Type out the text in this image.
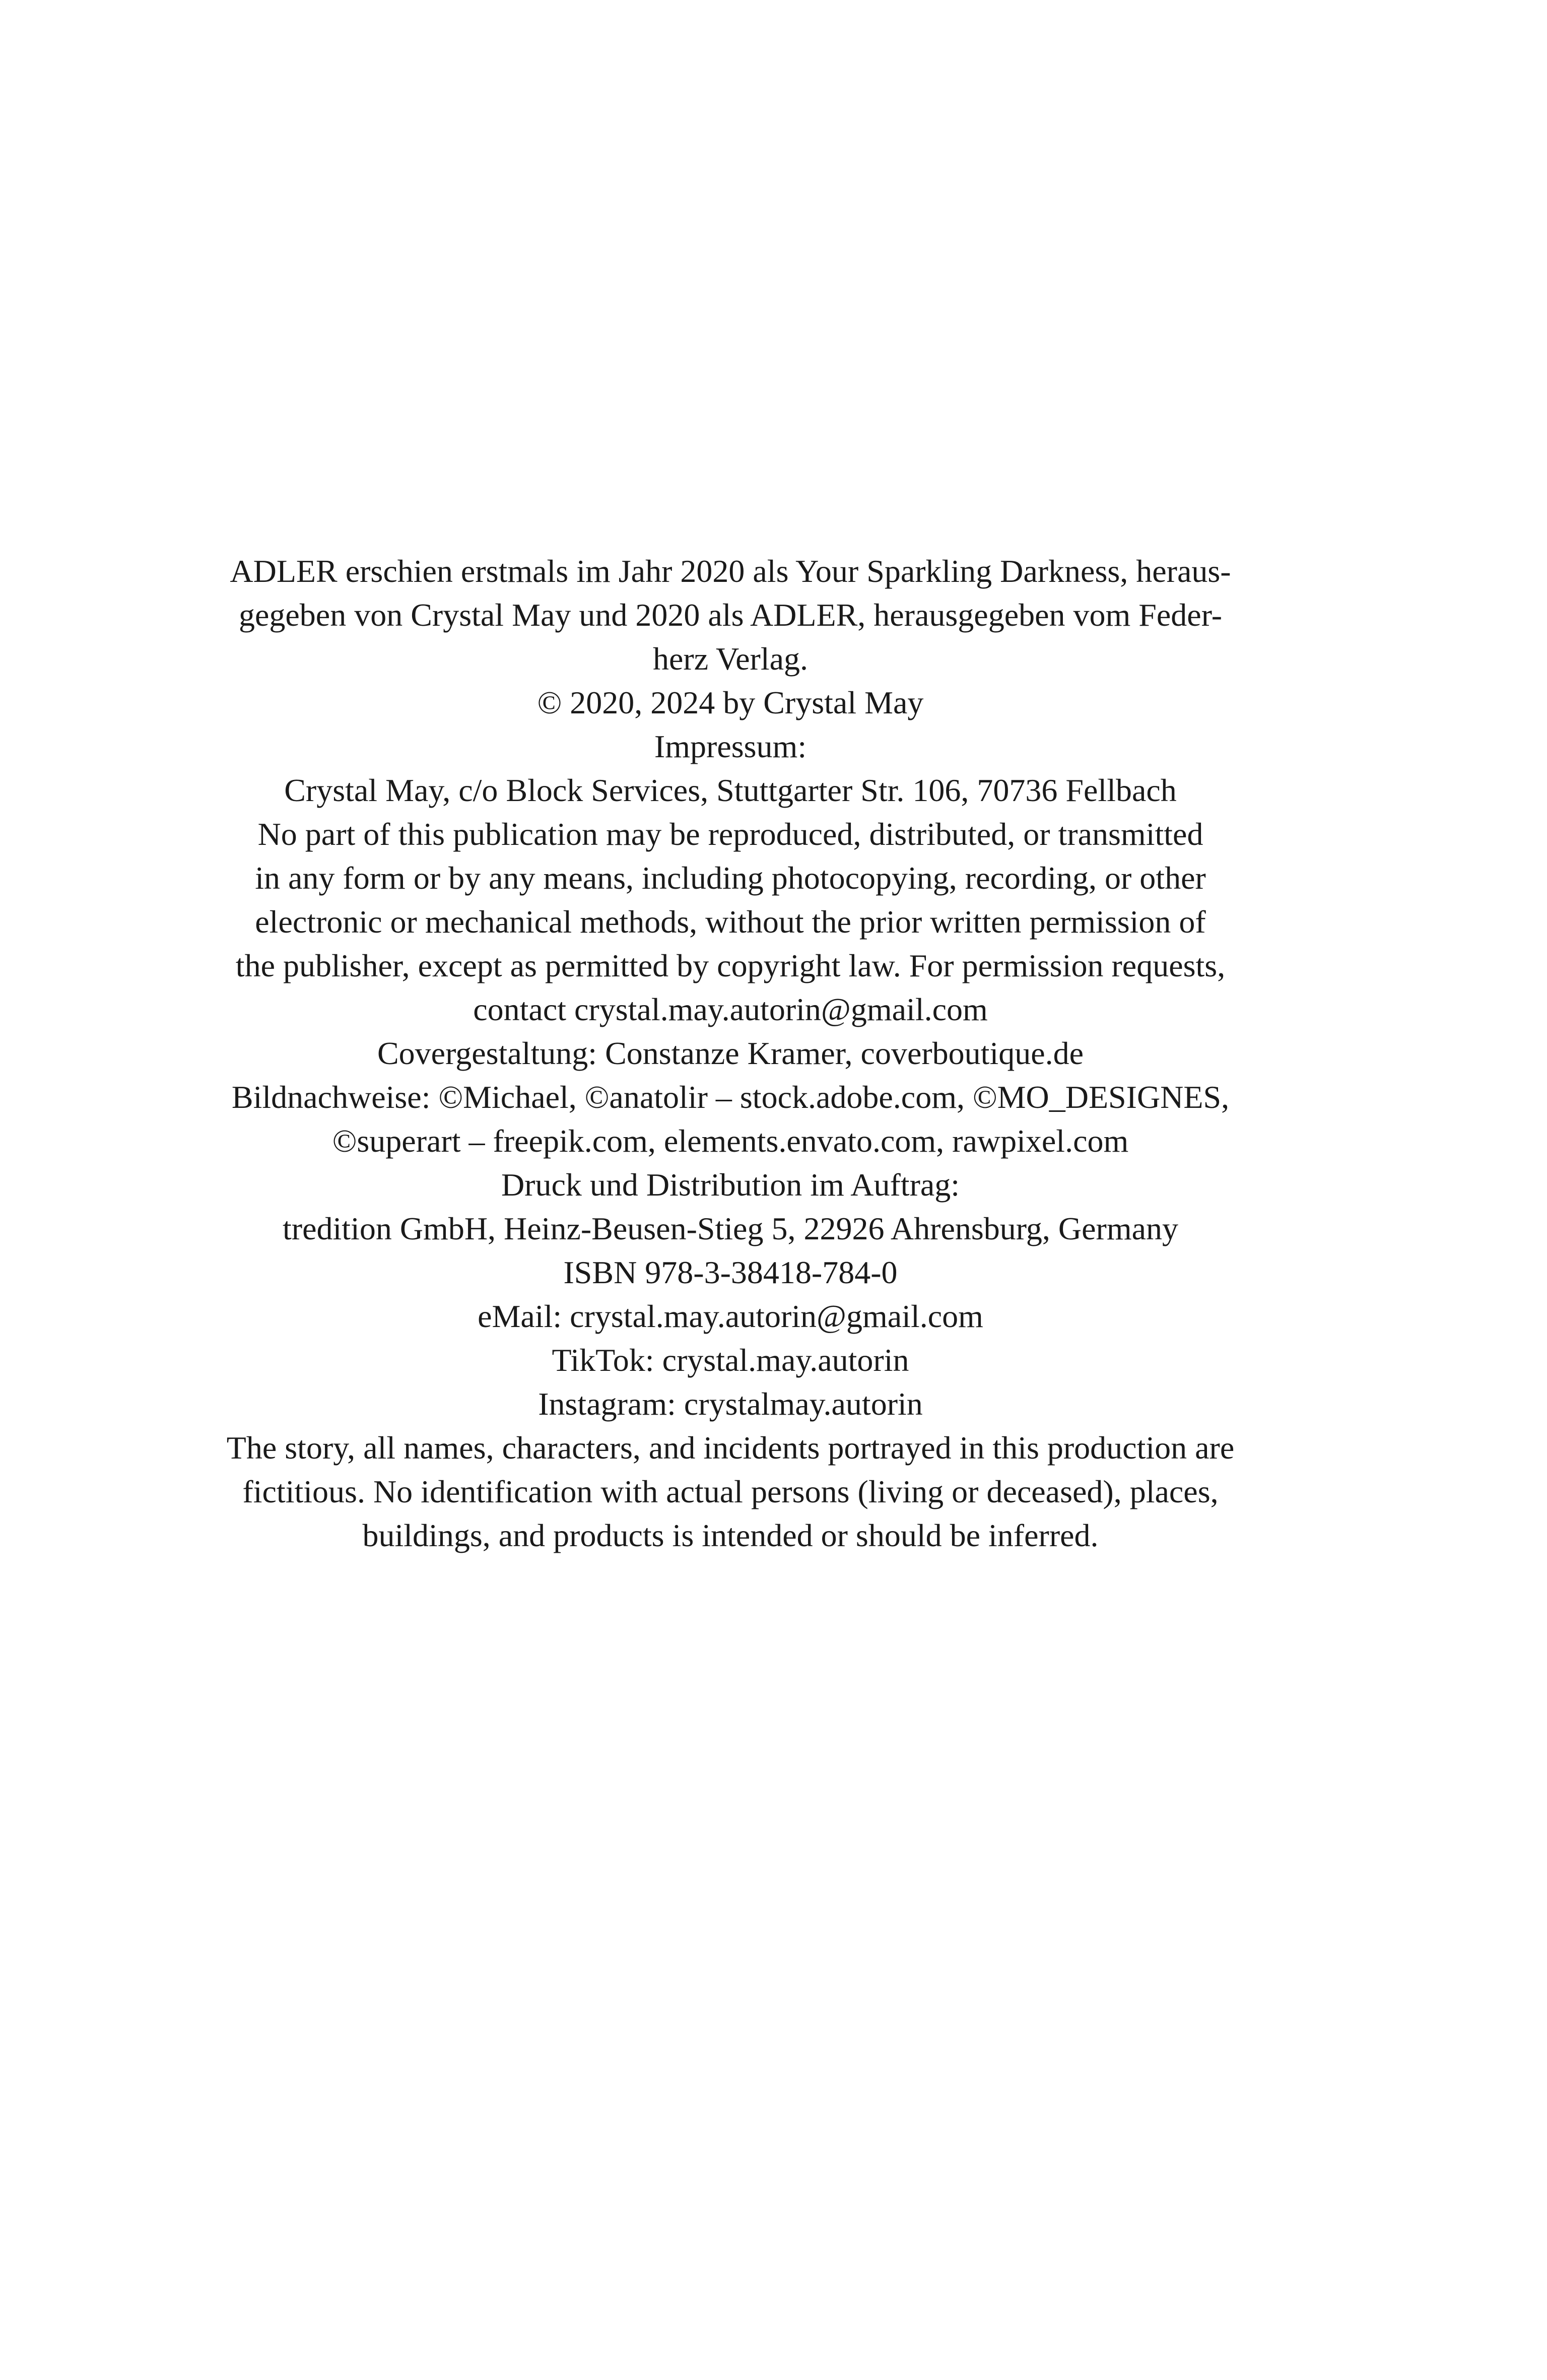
ADLER erschien erstmals im Jahr 2020 als Your Sparkling Darkness, heraus-
gegeben von Crystal May und 2020 als ADLER, herausgegeben vom Feder-
herz Verlag.

© 2020, 2024 by Crystal May

Impressum:

Crystal May, c/o Block Services, Stuttgarter Str. 106, 70736 Fellbach

No part of this publication may be reproduced, distributed, or transmitted
in any form or by any means, including photocopying, recording, or other
electronic or mechanical methods, without the prior written permission of
the publisher, except as permitted by copyright law. For permission requests,
contact crystal.may.autorin@gmail.com

Covergestaltung: Constanze Kramer, coverboutique.de

Bildnachweise: ©Michael, ©anatolir – stock.adobe.com, ©MO_DESIGNES,
©superart – freepik.com, elements.envato.com, rawpixel.com

Druck und Distribution im Auftrag:

tredition GmbH, Heinz-Beusen-Stieg 5, 22926 Ahrensburg, Germany

ISBN 978-3-38418-784-0

eMail: crystal.may.autorin@gmail.com

TikTok: crystal.may.autorin

Instagram: crystalmay.autorin

The story, all names, characters, and incidents portrayed in this production are
fictitious. No identification with actual persons (living or deceased), places,
buildings, and products is intended or should be inferred.
